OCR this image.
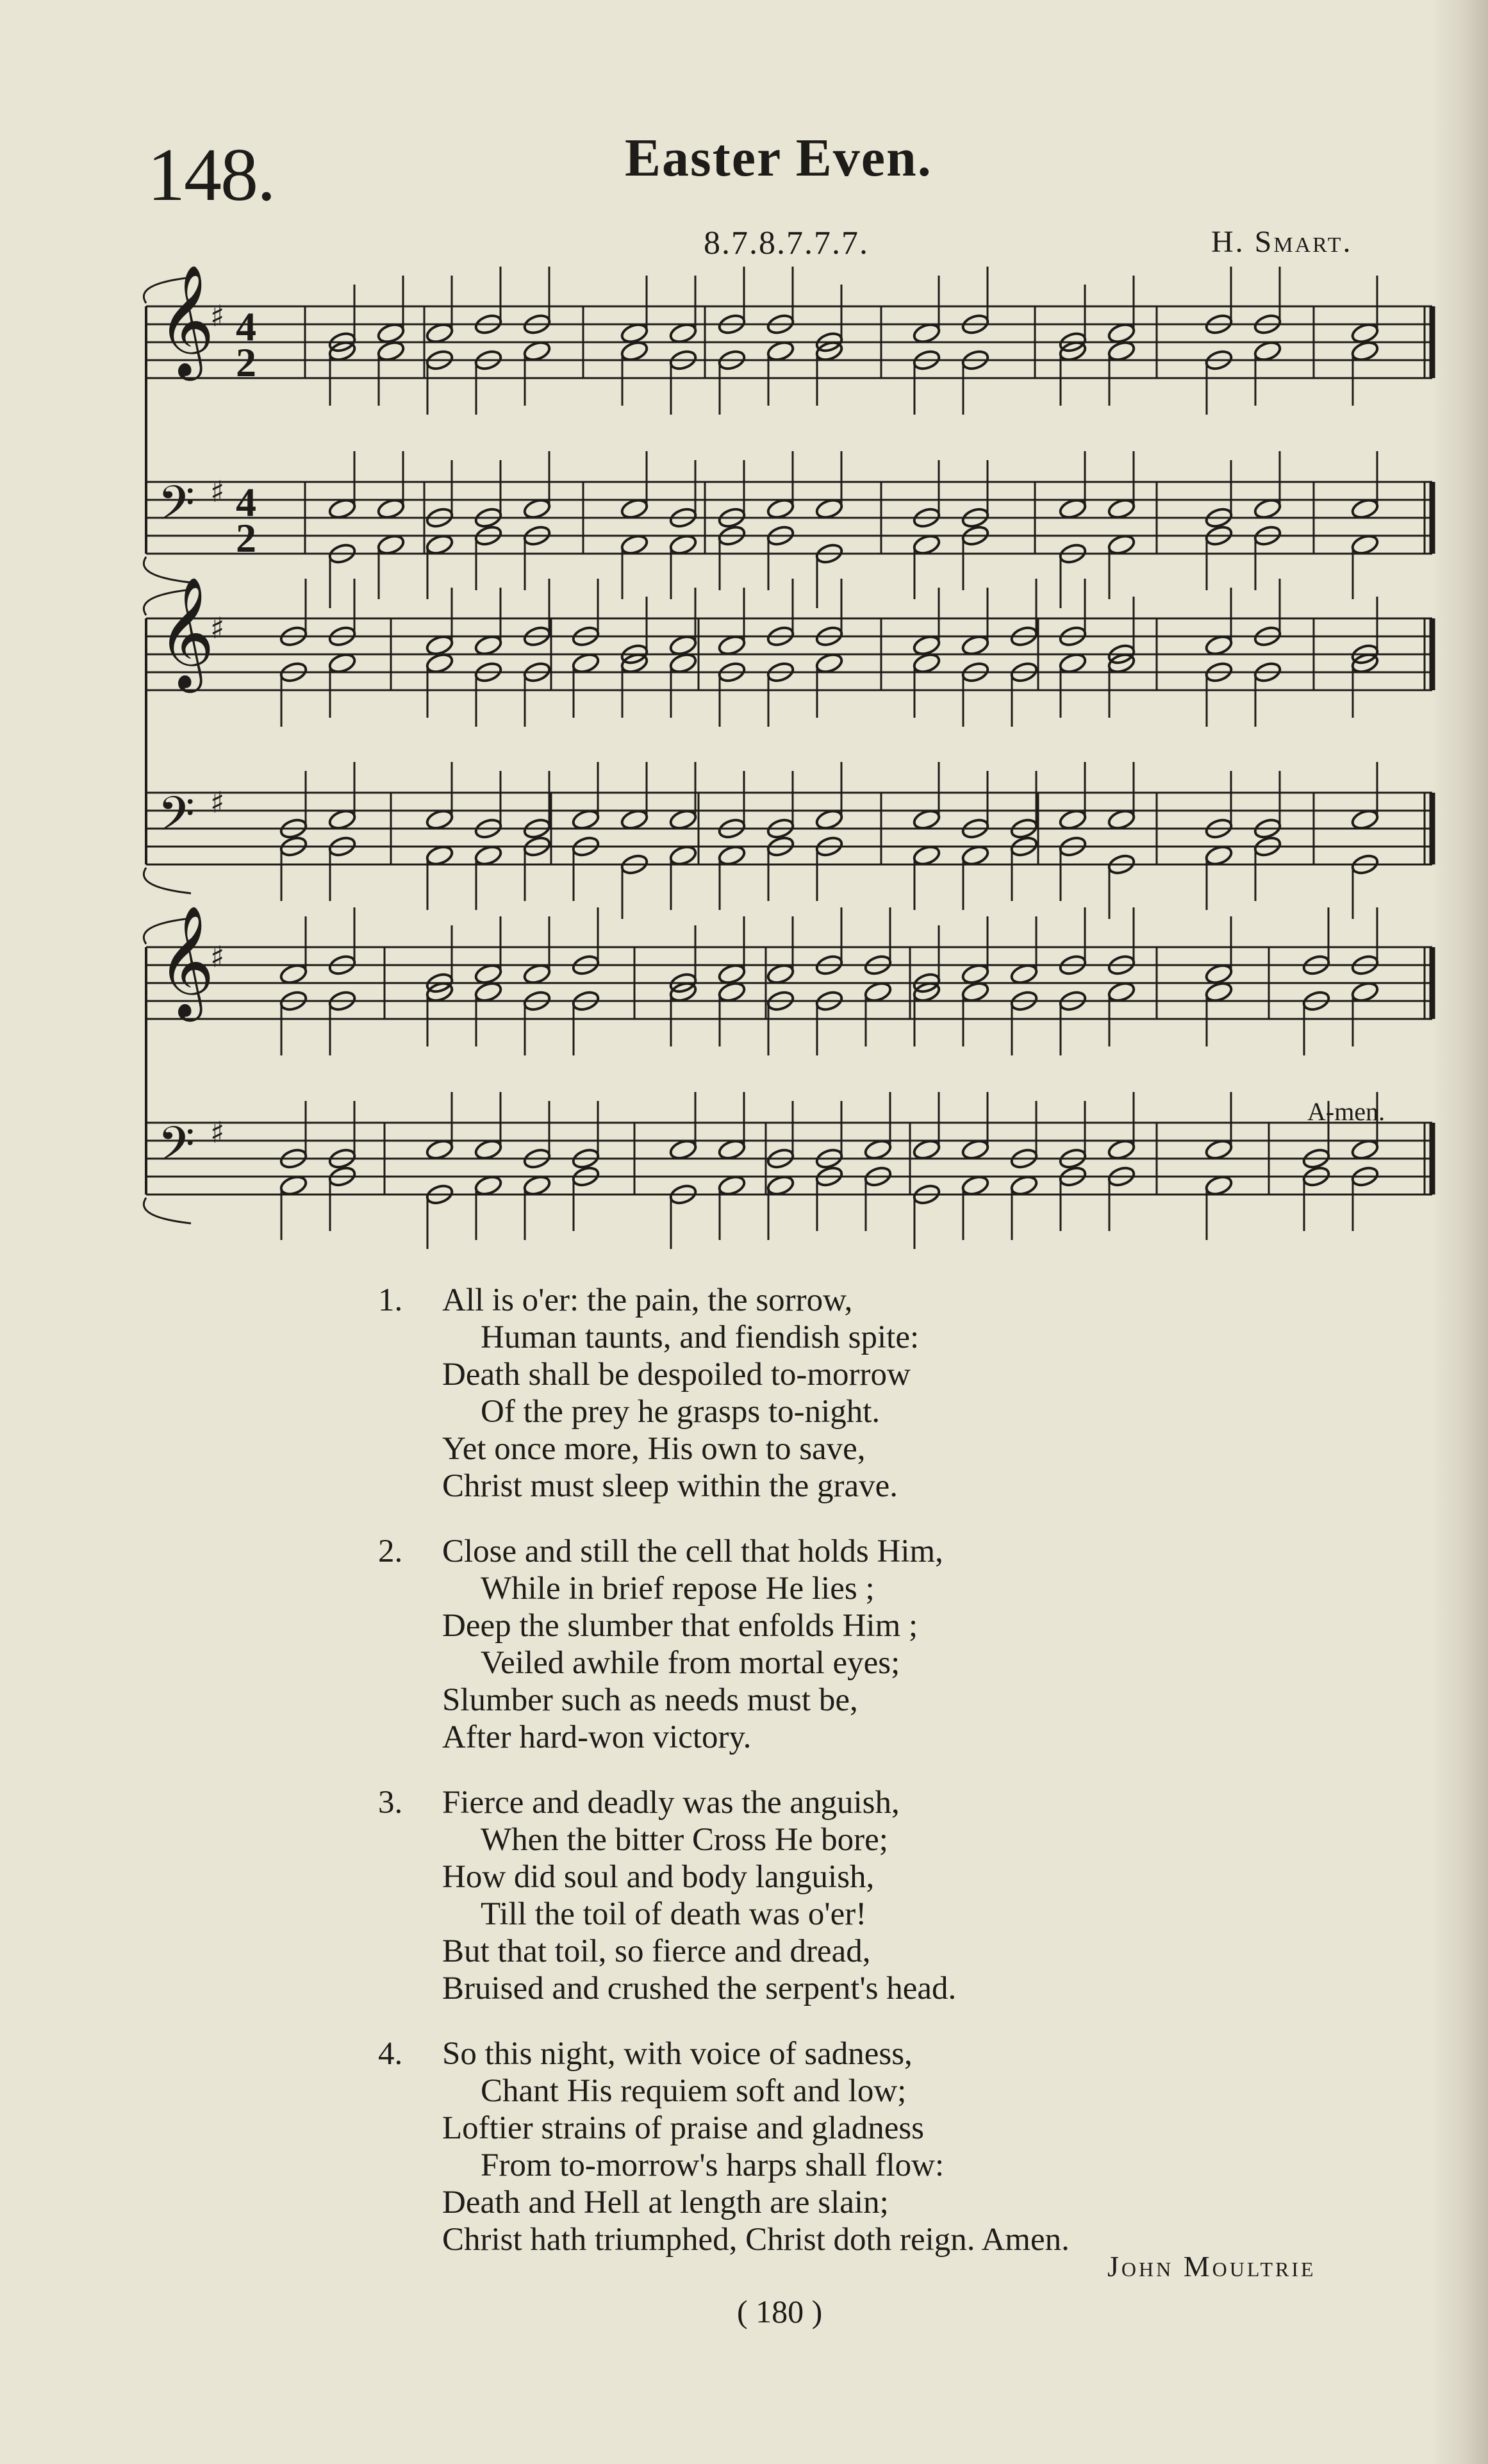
148.	Easter Even.
8.7.8.7.7.7.	H. Smart.
𝄞
♯ 4
2
𝄢 ♯ 4
2
𝄞
♯
𝄢 ♯
𝄞
♯
𝄢 ♯
A-men.
1. All is o'er: the pain, the sorrow,
Human taunts, and fiendish spite:
Death shall be despoiled to-morrow
Of the prey he grasps to-night.
Yet once more, His own to save,
Christ must sleep within the grave.
2. Close and still the cell that holds Him,
While in brief repose He lies ;
Deep the slumber that enfolds Him ;
Veiled awhile from mortal eyes;
Slumber such as needs must be,
After hard-won victory.
3. Fierce and deadly was the anguish,
When the bitter Cross He bore;
How did soul and body languish,
Till the toil of death was o'er!
But that toil, so fierce and dread,
Bruised and crushed the serpent's head.
4. So this night, with voice of sadness,
Chant His requiem soft and low;
Loftier strains of praise and gladness
From to-morrow's harps shall flow:
Death and Hell at length are slain;
Christ hath triumphed, Christ doth reign. Amen.
John Moultrie
( 180 )
